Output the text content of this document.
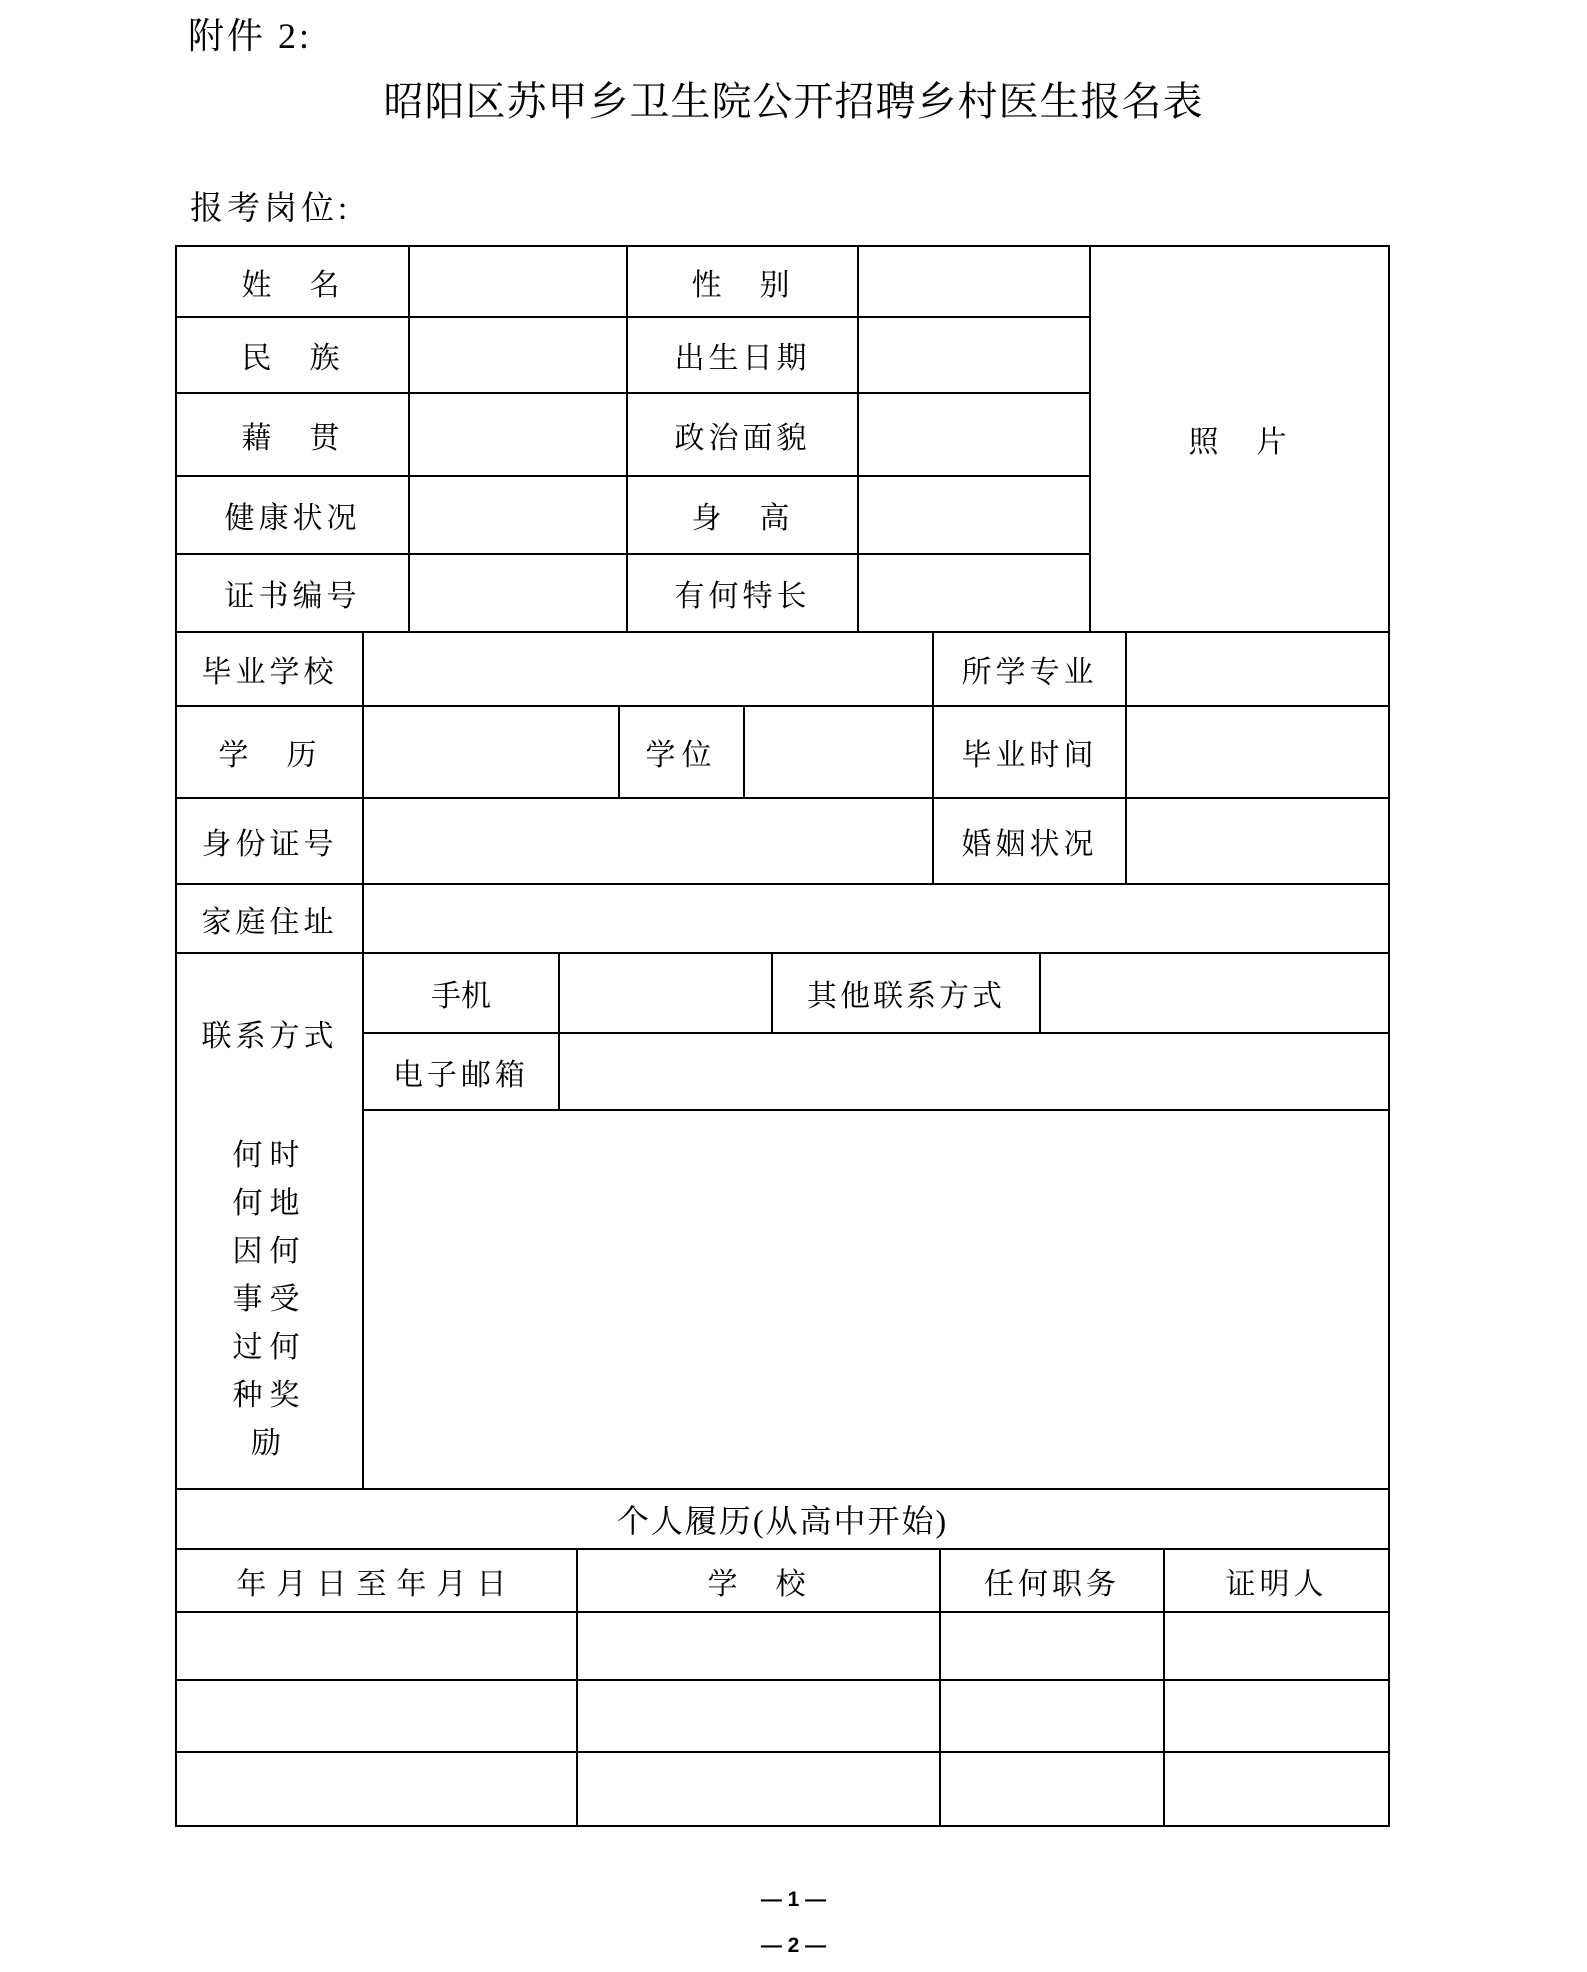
附件 2:
昭阳区苏甲乡卫生院公开招聘乡村医生报名表
报考岗位:
姓　名	性　别
照　片
民　族	出生日期
藉　贯	政治面貌
健康状况	身　高
证书编号	有何特长
毕业学校	所学专业
学　历	学位	毕业时间
身份证号	婚姻状况
家庭住址
联系方式
手机	其他联系方式
电子邮箱
何时何地因何事受过何种奖励
个人履历(从高中开始)
年月日至年月日	学　校	任何职务	证明人
— 1 —
— 2 —
